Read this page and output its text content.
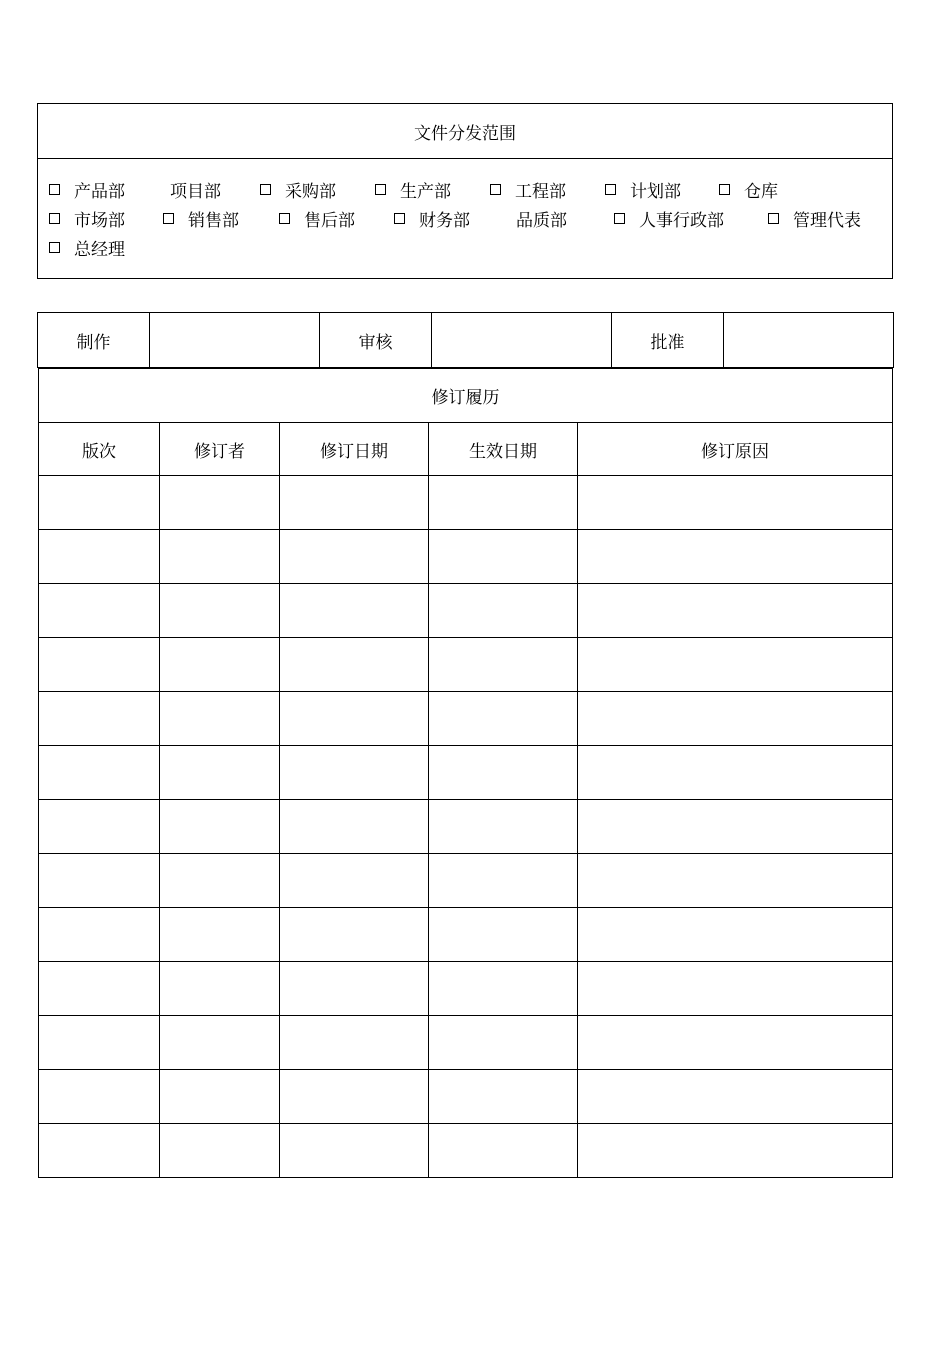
文件分发范围
产品部	项目部	采购部	生产部	工程部	计划部	仓库
市场部	销售部	售后部	财务部	品质部	人事行政部	管理代表
总经理
制作	审核	批准
修订履历				
版次	修订者	修订日期	生效日期	修订原因
